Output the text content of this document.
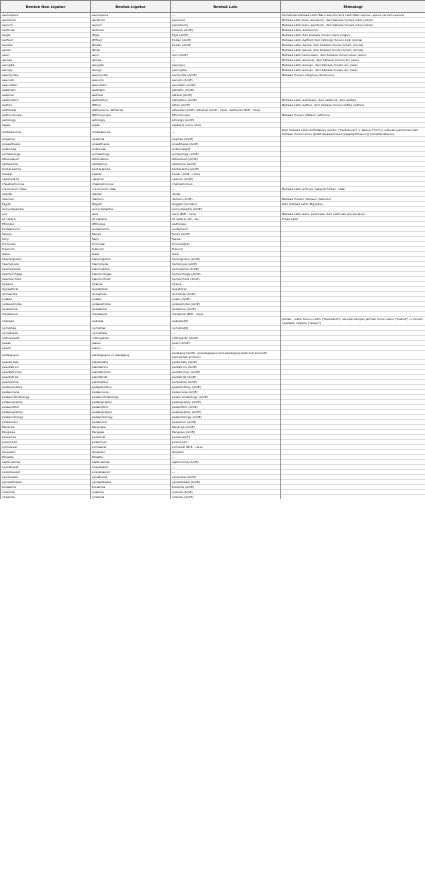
Bentuk Non Ligatur	Bentuk Ligatur	Bentuk Lain	Etimologi
aeciospore	aeciospore	—	Kombinasi bahasa Latin Baru aecium and Latin Baru spora—spore (acium+spore)
aecidium	æcidium	(aecium)	Bahasa Latin baru aecidium, dari bahasa Yunani oikio (oikia)
aecium	æcium	(aecidium)	Bahasa Latin baru aecidium, dari bahasa Yunani oikio (oikia)
aedicule	ædicule	edicule (AmE)	Bahasa Latin aediculum
Aegis	Ægis	Egis (AmE)	Bahasa Latin dari bahasa Yunani Aἰγίς (Aigis)
Aelfred	Ælfred	Eolian (AmE)	Bahasa Latin Aelfred dari mitologi Yunani Aioli (Aiolis)
Aeolian	Æolian	Eolian (AmE)	Bahasa Latin Aeolis, dari bahasa Yunani Aἰολίς (Aiolis)
Aeolis	Æolis	—	Bahasa Latin Aeolis, dari bahasa Yunani Aἰολίς (Aiolis)
aeon	æon	eon (AmE)	Bahasa Latin lama aeon, dari bahasa Yunani αἰών (aion).
aerose	ærose	—	Bahasa Latin aerosus, dari bahasa Yunani αἰς (aes)
aerugite	ærugite	(aerugo)	Bahasa Latin aerugo, dari bahasa Yunani αἰς (aes)
aerugo	ærugo	(aerugite)	Bahasa Latin aerugo, dari bahasa Yunani αἰς (aes)
aeschynite	æschynite	eschynite (AmE)	Bahasa Yunani αἰσχύνω (aischuno)
aesculin	æsculin	esculin (AmE)	
aesculetin	æsculetin	esculetin (AmE)	
aesthetic	æsthetic	esthetic (AmE)	
aestival	æstival	estival (AmE)	
aestivation	æstivation	estivation (AmE)	Bahasa Latin aestivare, dari aestivus, dari aestas
Aether	Æther	ether (AmE)	Bahasa Latin aether, dari bahasa Yunani αἰθήρ (aither)
aethereal	æthereal or ætherial	ethereal (AmE), etherial (AmE - rare), aetherial (BrE - rare)	
Aethrioscope	Æthrioscope	Ethrioscope	Bahasa Yunani αἴθριον (athrion)
aetiology	ætiology	etiology (AmE)	
algae	algæ	algas[1] (very rare)	
ambilaevous	ambilævous	—	Dari bahasa Latin ambilævus (ambi- ("keduanya") + lævus ("kiri")), sebuah perkamen dari bahasa Yunani kuno [[wikt:ἀμφαρίστερος|ἀμφαρίστερος]] (ampharisteros).
anaemia	anæmia	anemia (AmE)	
anaesthesia	anæsthesia	anesthesia (AmE)	
antennae	antennæ	antennas[2]	
archaeology	archæology	archeology (AmE)	
Athenaeum	Athenæum	Atheneum (AmE)	
azotaemia	azotæmia	azotemia (AmE)	
bacteraemia	bacteræmia	bacteremia (AmE)	
Caesar	Cæsar	Cesar (AmE - rare)	
caesium[3]	cæsium	cesium (AmE)	
chaetophorous	chætophorous	chetophorous	
curriculum vitae	curriculum vitæ	—	Bahasa Latin artinya 'riwayat hidup', vitæ
daedal	dædal	dedal	
daemon	dæmon	demon (AmE)	Bahasa Yunani: δαίμων (daimon)
Egypt	Ægypt	Aegypt (Archaic)	Dari bahasa Latin Ægyptus
encyclopaedia	encyclopædia	encyclopedia (AmE)	
era	æra	aera (BrE - rare)	Bahasa Latin aera, perkiraan dari Latin æs (plural æra)
et cetera	et cætera	et cetera, etc., &c.	Frase Latin
Ethiopia	Æthiopia	Aethiopia	
Eudaemonic	eudæmonic	eudemonic	
faeces	fæces	feces (AmE)	
fairy	færy	faerie	
formulae	formulæ	formulas[4]	
fraenum	frænum	Frenum	
Gaea	Gæa	Gaia	
haemoglobin	hæmoglobin	hemoglobin (AmE)	
haemolysis	hæmolysis	hemolysis (AmE)	
haemophilia	hæmophilia	hemophilia (AmE)	
haemorrhage	hæmorrhage	hemorrhage (AmE)	
haemorrhoid	hæmorrhoid	hemorrhoid (AmE)	
hyaena	hyæna	hyena	
hypaethral	hypæthral	hypethral	
ischaemia	ischæmia	ischemia (AmE)	
judaeo	judæo	judeo (AmE)	
judaeophobe	judæophobe	judeophobe (AmE)	
leukaemia	leukæmia	leukemia (AmE)	
mediaeval	mediæval	medieval (BrE - rare)	
nebulae	nebulæ	nebulas[5]	Jamak – Latin baru→ Latin ("berkabut"); serupa dengan Jerman kuno nebul ("kabut") → Yunani nephelē, nephos ("awan")
nymphae	nymphæ	nymphs[6]	
nymphaea	nymphæa	—	
orthopaedic	orthopædic	orthopedic (AmE)	
paean	pæan	pean (AmE)	
paeon	pæon	—	
pedagogue	pædagogue or pædagog	pedagog (AmE), (paedagogue and paedagog exist but are both somewhat archaic)	
paederasty	pæderasty	pederasty (AmE)	
paediatrics	pædiatrics	pediatrics (AmE)	
paediatrician	pædiatrician	pediatrician (AmE)	
paediatrist	pædiatrist	pediatrist (AmE)	
paedophile	pædophile	pedophile (AmE)	
palaeobotany	palæobotany	paleobotany (AmE)	
palaeocene	palæocene	paleocene (AmE)	
palaeoclimatology	palæoclimatology	paleoclimatology (AmE)	
palaeography	palæography	paleography (AmE)	
palaeolithic	palæolithic	paleolithic (AmE)	
palaeography	palæography	paleography (AmE)	
palaeontology	palæontology	paleontology (AmE)	
palaeozoic	palæozoic	paleozoic (AmE)	
Panacea	Panacæa	Panacea (AmE)	
Pangaea	Pangæa	Pangaea (AmE)	
personae	personæ	personas[7]	
praemium	præmium	praemium	
primaeval	primæval	primeval (BrE - rare)	
Quaestor	Quæstor	Questor	
Rhaetia	Rhætia	—	
septicaemia	septicæmia	septicemia (AmE)	
scarabaeid	scarabæid	—	
scarabaeoid	scarabæoid	—	
synaeresis	synæresis	syneresis (AmE)	
synaesthesia	synæsthesia	synesthesia (AmE)	
toxaemia	toxæmia	toxemia (AmE)	
uraemia	uræmia	uremia (AmE)	
viraemia	viræmia	viremia (AmE)	
